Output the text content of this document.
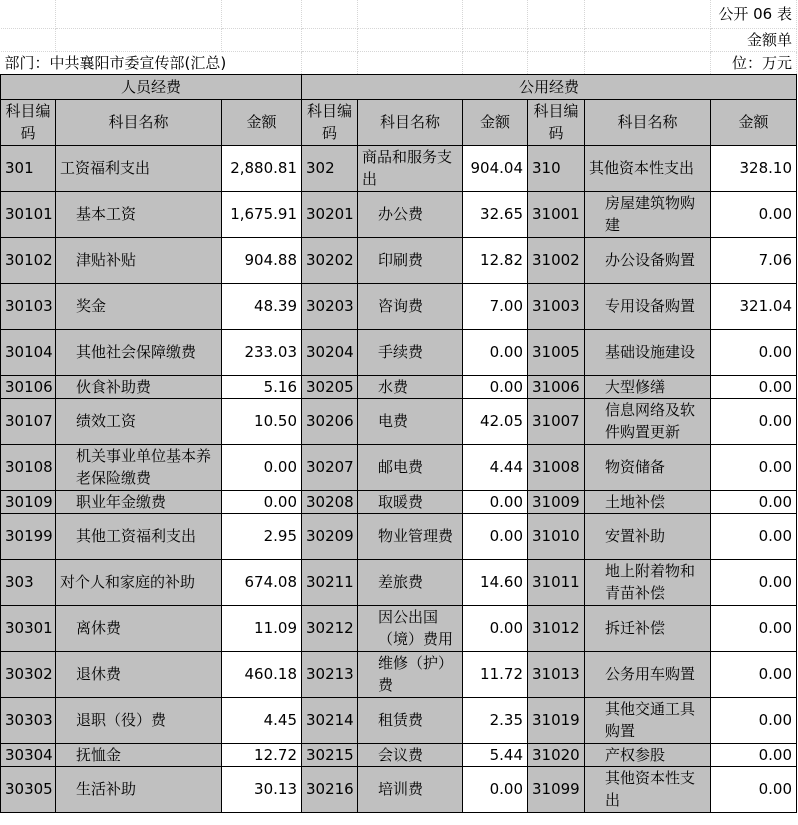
								公开 06 表
								金额单
部门：中共襄阳市委宣传部(汇总)								位：万元
人员经费			公用经费					
科目编码	科目名称	金额	科目编码	科目名称	金额	科目编码	科目名称	金额
301	工资福利支出	2,880.81	302	商品和服务支出	904.04	310	其他资本性支出	328.10
30101	基本工资	1,675.91	30201	办公费	32.65	31001	房屋建筑物购建	0.00
30102	津贴补贴	904.88	30202	印刷费	12.82	31002	办公设备购置	7.06
30103	奖金	48.39	30203	咨询费	7.00	31003	专用设备购置	321.04
30104	其他社会保障缴费	233.03	30204	手续费	0.00	31005	基础设施建设	0.00
30106	伙食补助费	5.16	30205	水费	0.00	31006	大型修缮	0.00
30107	绩效工资	10.50	30206	电费	42.05	31007	信息网络及软件购置更新	0.00
30108	机关事业单位基本养老保险缴费	0.00	30207	邮电费	4.44	31008	物资储备	0.00
30109	职业年金缴费	0.00	30208	取暖费	0.00	31009	土地补偿	0.00
30199	其他工资福利支出	2.95	30209	物业管理费	0.00	31010	安置补助	0.00
303	对个人和家庭的补助	674.08	30211	差旅费	14.60	31011	地上附着物和青苗补偿	0.00
30301	离休费	11.09	30212	因公出国（境）费用	0.00	31012	拆迁补偿	0.00
30302	退休费	460.18	30213	维修（护）费	11.72	31013	公务用车购置	0.00
30303	退职（役）费	4.45	30214	租赁费	2.35	31019	其他交通工具购置	0.00
30304	抚恤金	12.72	30215	会议费	5.44	31020	产权参股	0.00
30305	生活补助	30.13	30216	培训费	0.00	31099	其他资本性支出	0.00
